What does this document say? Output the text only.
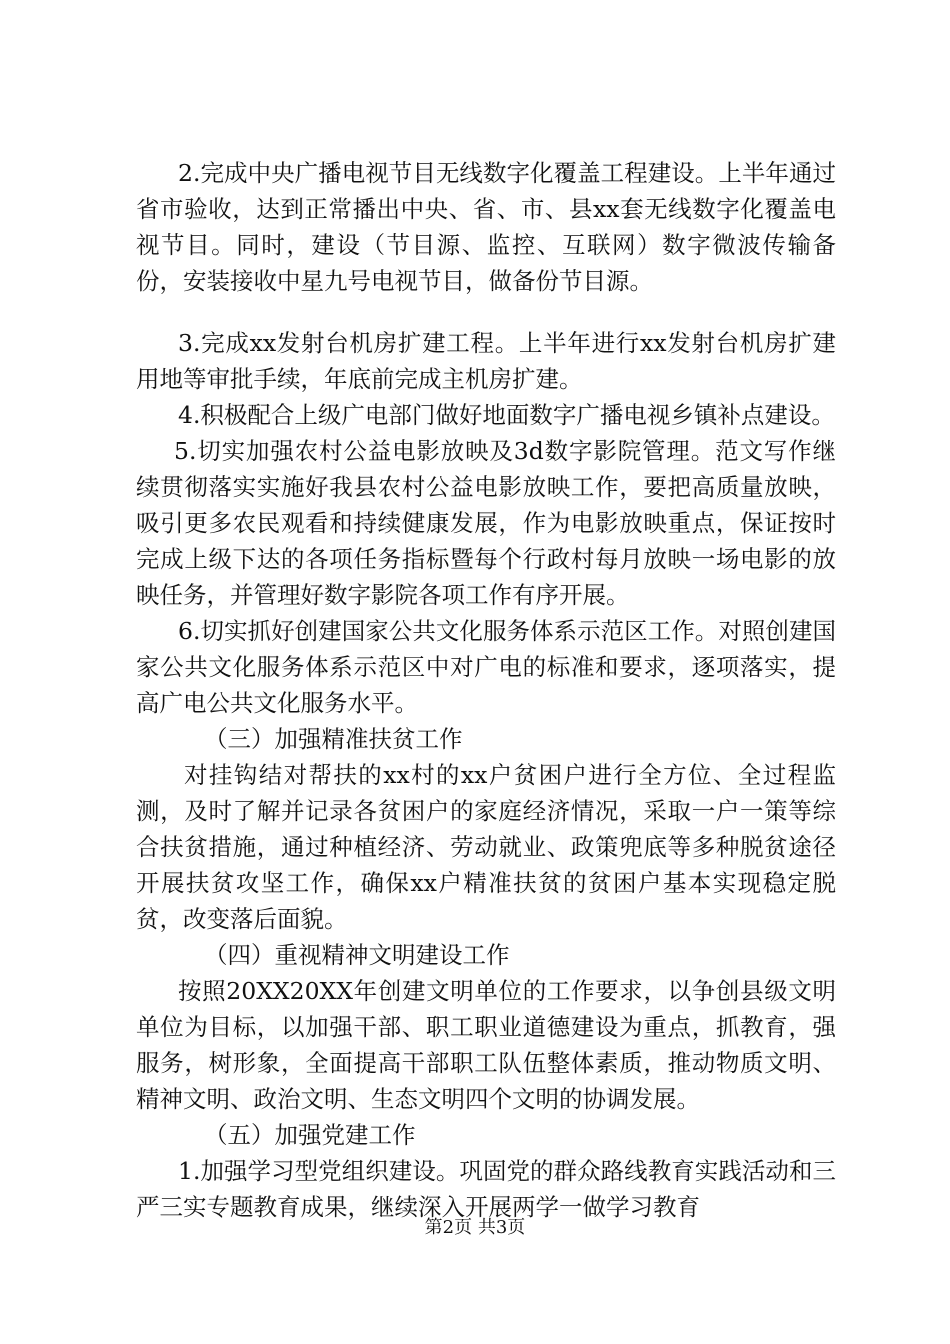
2.完成中央广播电视节目无线数字化覆盖工程建设。上半年通过省市验收，达到正常播出中央、省、市、县xx套无线数字化覆盖电视节目。同时，建设（节目源、监控、互联网）数字微波传输备份，安装接收中星九号电视节目，做备份节目源。

3.完成xx发射台机房扩建工程。上半年进行xx发射台机房扩建用地等审批手续，年底前完成主机房扩建。

4.积极配合上级广电部门做好地面数字广播电视乡镇补点建设。

5.切实加强农村公益电影放映及3d数字影院管理。范文写作继续贯彻落实实施好我县农村公益电影放映工作，要把高质量放映，吸引更多农民观看和持续健康发展，作为电影放映重点，保证按时完成上级下达的各项任务指标暨每个行政村每月放映一场电影的放映任务，并管理好数字影院各项工作有序开展。

6.切实抓好创建国家公共文化服务体系示范区工作。对照创建国家公共文化服务体系示范区中对广电的标准和要求，逐项落实，提高广电公共文化服务水平。

（三）加强精准扶贫工作

对挂钩结对帮扶的xx村的xx户贫困户进行全方位、全过程监测，及时了解并记录各贫困户的家庭经济情况，采取一户一策等综合扶贫措施，通过种植经济、劳动就业、政策兜底等多种脱贫途径开展扶贫攻坚工作，确保xx户精准扶贫的贫困户基本实现稳定脱贫，改变落后面貌。

（四）重视精神文明建设工作

按照20XX20XX年创建文明单位的工作要求，以争创县级文明单位为目标，以加强干部、职工职业道德建设为重点，抓教育，强服务，树形象，全面提高干部职工队伍整体素质，推动物质文明、精神文明、政治文明、生态文明四个文明的协调发展。

（五）加强党建工作

1.加强学习型党组织建设。巩固党的群众路线教育实践活动和三严三实专题教育成果，继续深入开展两学一做学习教育

第2页 共3页
